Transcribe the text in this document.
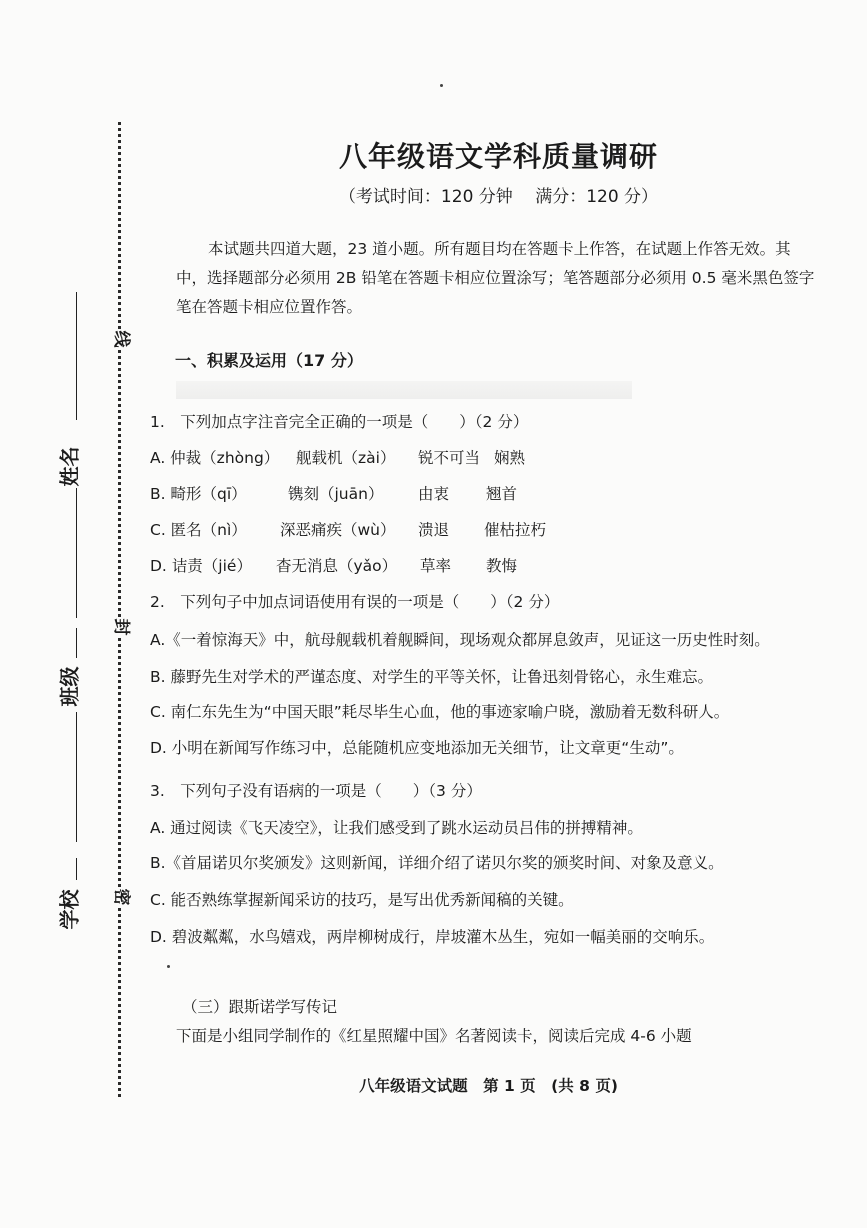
线
封
密
姓名
班级
学校
八年级语文学科质量调研
（考试时间：120 分钟　 满分：120 分）
本试题共四道大题，23 道小题。所有题目均在答题卡上作答，在试题上作答无效。其中，选择题部分必须用 2B 铅笔在答题卡相应位置涂写；笔答题部分必须用 0.5 毫米黑色签字笔在答题卡相应位置作答。
一、积累及运用（17 分）
1.　下列加点字注音完全正确的一项是（　　）（2 分）
A. 仲裁（zhòng） 舰载机（zài） 锐不可当 娴熟
B. 畸形（qī）	镌刻（juān） 由衷 翘首
C. 匿名（nì） 深恶痛疾（wù） 溃退 催枯拉朽
D. 诘责（jié） 杳无消息（yǎo） 草率 教悔
2.　下列句子中加点词语使用有误的一项是（　　）（2 分）
A.《一着惊海天》中，航母舰载机着舰瞬间，现场观众都屏息敛声，见证这一历史性时刻。
B. 藤野先生对学术的严谨态度、对学生的平等关怀，让鲁迅刻骨铭心，永生难忘。
C. 南仁东先生为“中国天眼”耗尽毕生心血，他的事迹家喻户晓，激励着无数科研人。
D. 小明在新闻写作练习中，总能随机应变地添加无关细节，让文章更“生动”。
3.　下列句子没有语病的一项是（　　）（3 分）
A. 通过阅读《飞天凌空》，让我们感受到了跳水运动员吕伟的拼搏精神。
B.《首届诺贝尔奖颁发》这则新闻，详细介绍了诺贝尔奖的颁奖时间、对象及意义。
C. 能否熟练掌握新闻采访的技巧，是写出优秀新闻稿的关键。
D. 碧波粼粼，水鸟嬉戏，两岸柳树成行，岸坡灌木丛生，宛如一幅美丽的交响乐。
（三）跟斯诺学写传记
下面是小组同学制作的《红星照耀中国》名著阅读卡，阅读后完成 4-6 小题
八年级语文试题　第 1 页　(共 8 页)
